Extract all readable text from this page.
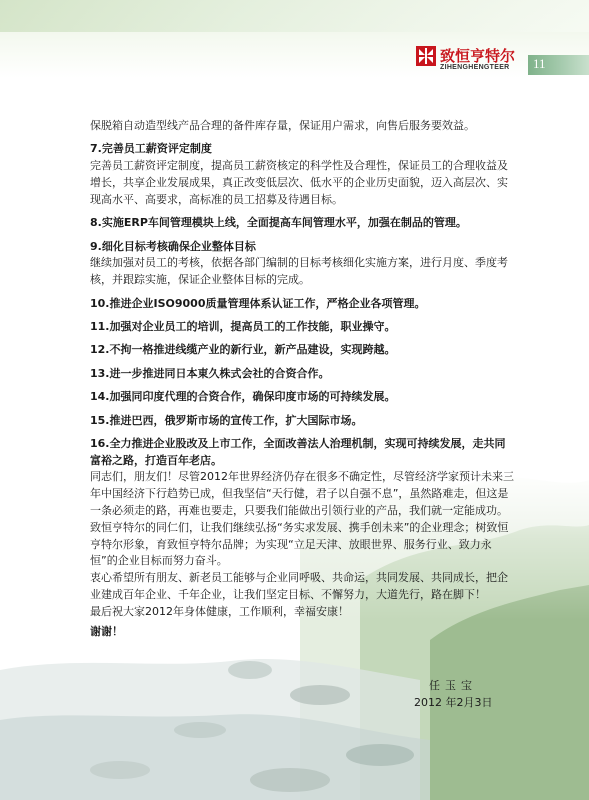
致恒亨特尔
ZIHENGHENGTEER 11

保脱箱自动造型线产品合理的备件库存量，保证用户需求，向售后服务要效益。

7.完善员工薪资评定制度

完善员工薪资评定制度，提高员工薪资核定的科学性及合理性，保证员工的合理收益及增长，共享企业发展成果，真正改变低层次、低水平的企业历史面貌，迈入高层次、实现高水平、高要求，高标准的员工招募及待遇目标。

8.实施ERP车间管理模块上线，全面提高车间管理水平，加强在制品的管理。

9.细化目标考核确保企业整体目标

继续加强对员工的考核，依据各部门编制的目标考核细化实施方案，进行月度、季度考核，并跟踪实施，保证企业整体目标的完成。

10.推进企业ISO9000质量管理体系认证工作，严格企业各项管理。

11.加强对企业员工的培训，提高员工的工作技能，职业操守。

12.不拘一格推进线缆产业的新行业，新产品建设，实现跨越。

13.进一步推进同日本東久株式会社的合资合作。

14.加强同印度代理的合资合作，确保印度市场的可持续发展。

15.推进巴西，俄罗斯市场的宣传工作，扩大国际市场。

16.全力推进企业股改及上市工作，全面改善法人治理机制，实现可持续发展，走共同富裕之路，打造百年老店。

同志们，朋友们！尽管2012年世界经济仍存在很多不确定性，尽管经济学家预计未来三年中国经济下行趋势已成，但我坚信“天行健，君子以自强不息”，虽然路难走，但这是一条必须走的路，再难也要走，只要我们能做出引领行业的产品，我们就一定能成功。

致恒亨特尔的同仁们，让我们继续弘扬“务实求发展、携手创未来”的企业理念；树致恒亨特尔形象，育致恒亨特尔品牌；为实现“立足天津、放眼世界、服务行业、致力永恒”的企业目标而努力奋斗。

衷心希望所有朋友、新老员工能够与企业同呼吸、共命运，共同发展、共同成长，把企业建成百年企业、千年企业，让我们坚定目标、不懈努力，大道先行，路在脚下！

最后祝大家2012年身体健康，工作顺利，幸福安康！

谢谢！
任玉宝
2012 年2月3日
